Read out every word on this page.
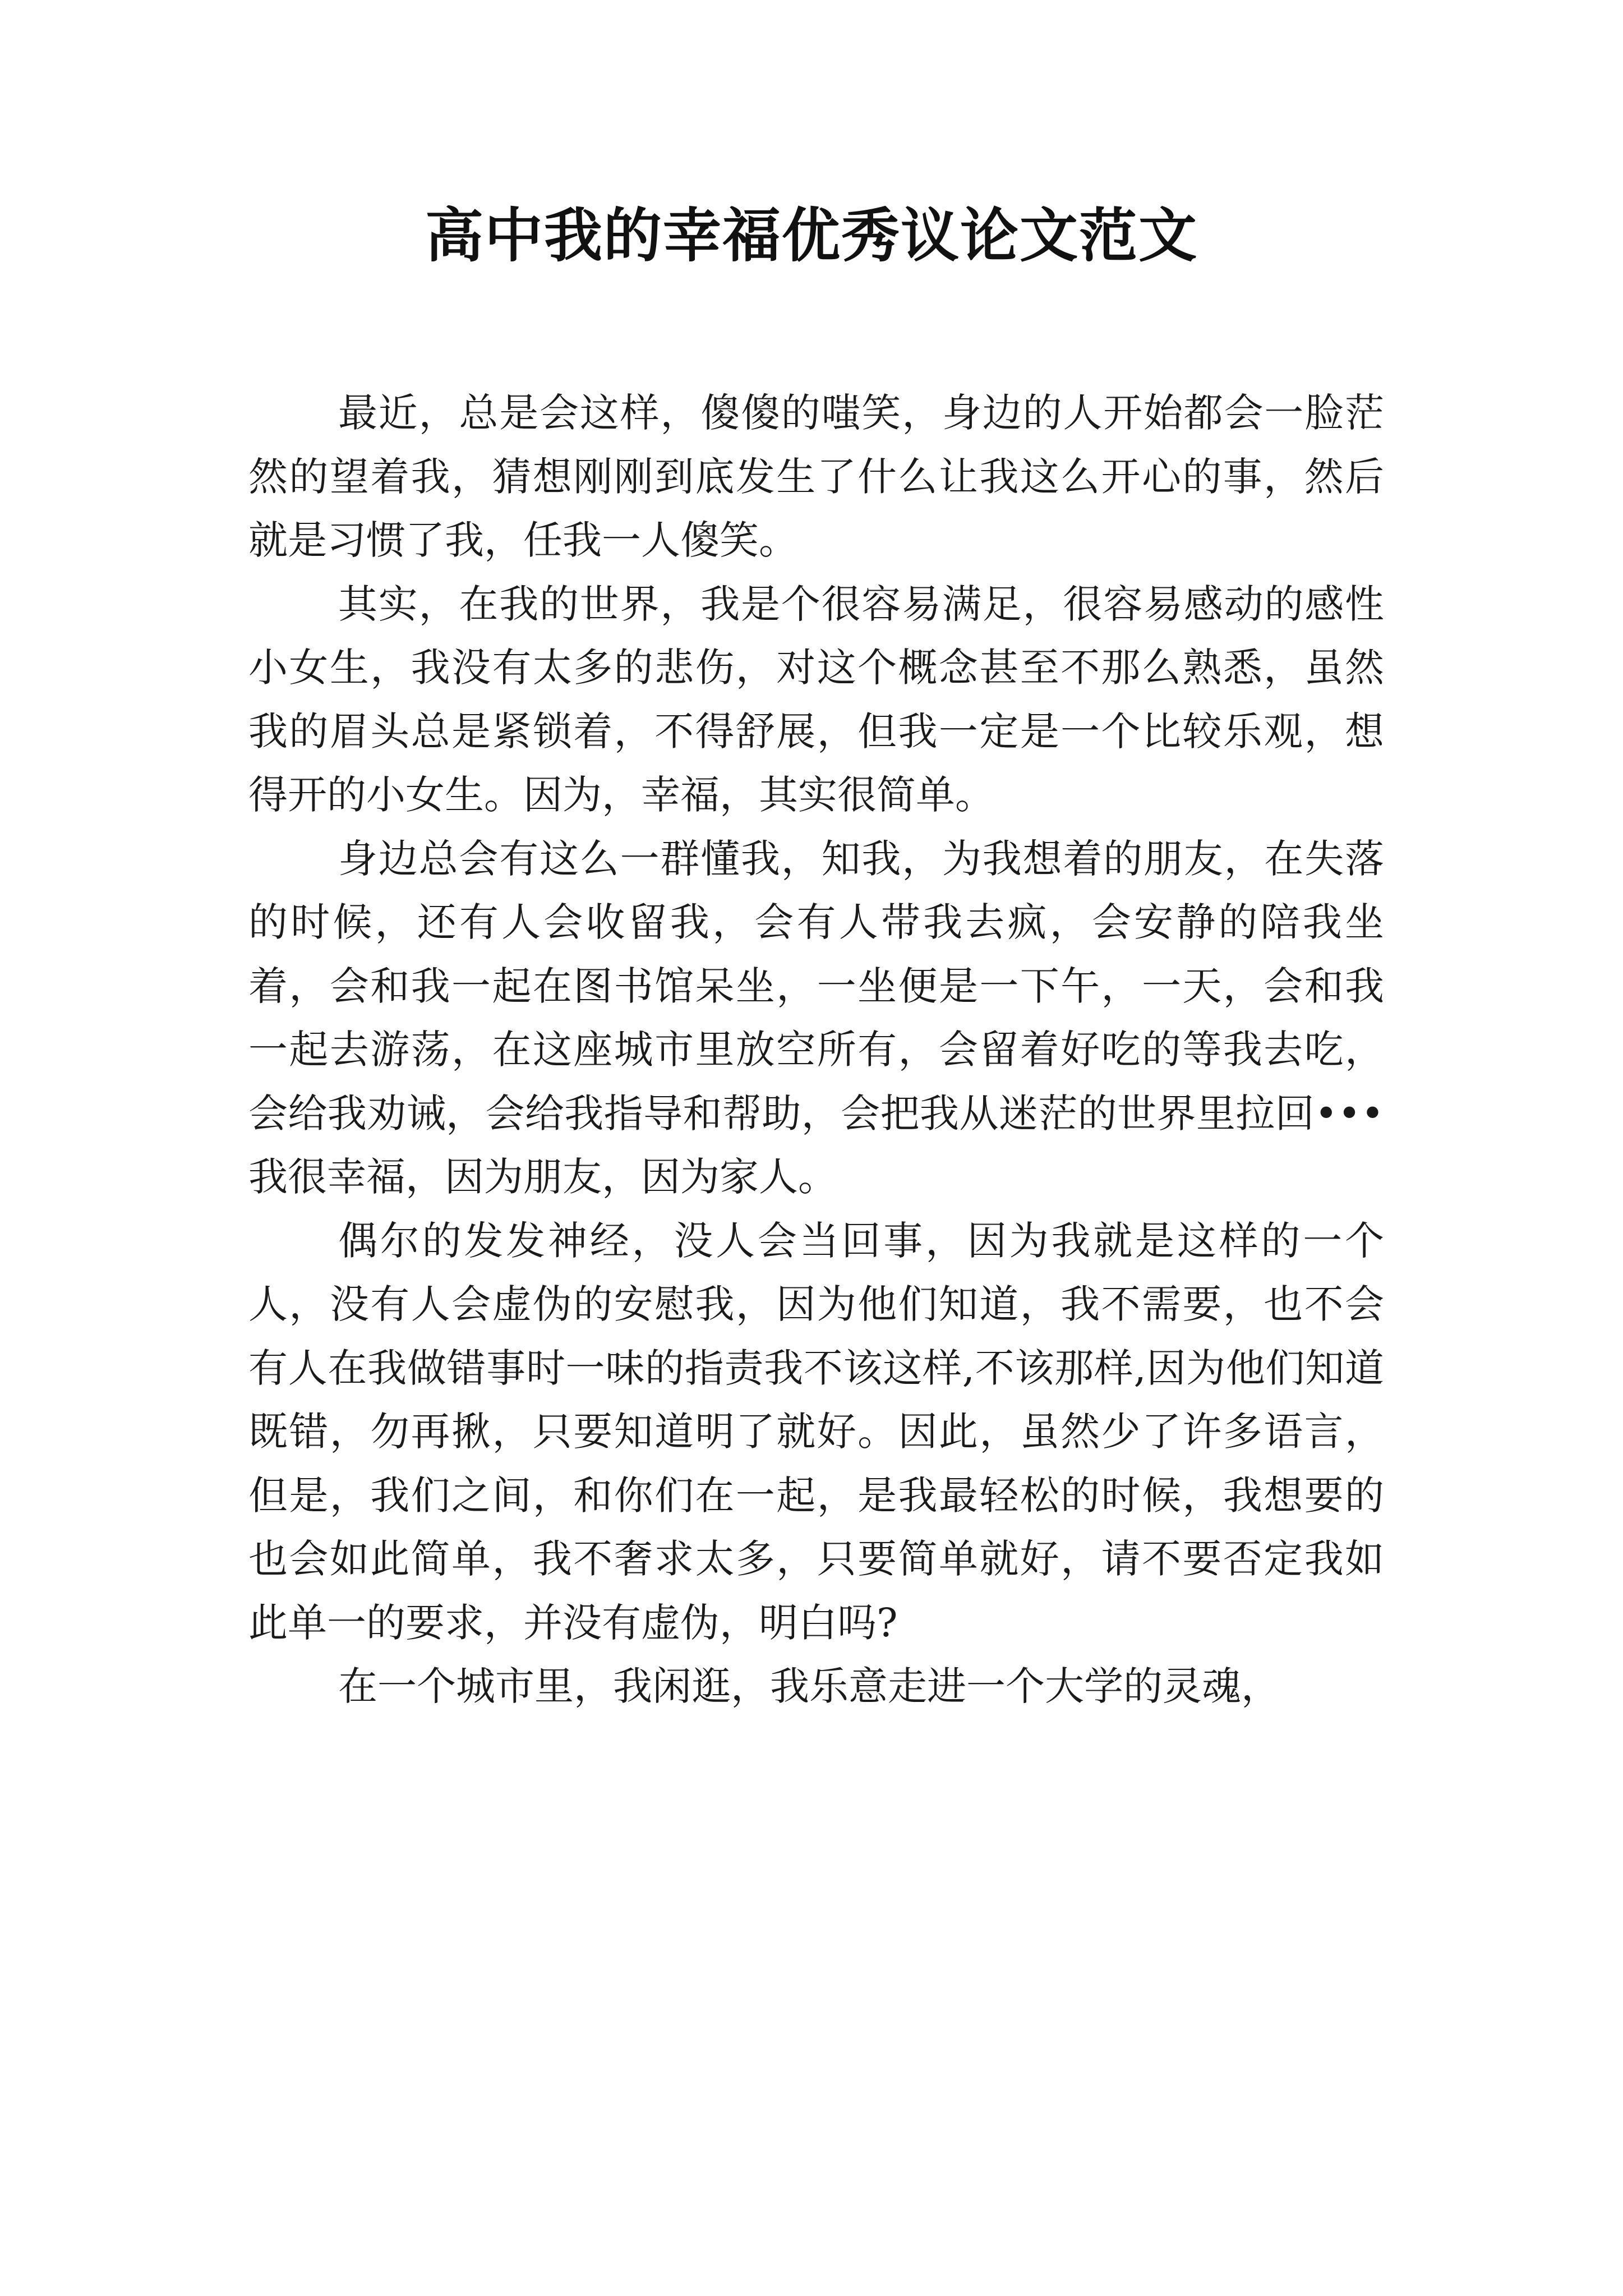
高中我的幸福优秀议论文范文

最近，总是会这样，傻傻的嗤笑，身边的人开始都会一脸茫然的望着我，猜想刚刚到底发生了什么让我这么开心的事，然后就是习惯了我，任我一人傻笑。

其实，在我的世界，我是个很容易满足，很容易感动的感性小女生，我没有太多的悲伤，对这个概念甚至不那么熟悉，虽然我的眉头总是紧锁着，不得舒展，但我一定是一个比较乐观，想得开的小女生。因为，幸福，其实很简单。

身边总会有这么一群懂我，知我，为我想着的朋友，在失落的时候，还有人会收留我，会有人带我去疯，会安静的陪我坐着，会和我一起在图书馆呆坐，一坐便是一下午，一天，会和我一起去游荡，在这座城市里放空所有，会留着好吃的等我去吃，会给我劝诫，会给我指导和帮助，会把我从迷茫的世界里拉回•••我很幸福，因为朋友，因为家人。

偶尔的发发神经，没人会当回事，因为我就是这样的一个人，没有人会虚伪的安慰我，因为他们知道，我不需要，也不会有人在我做错事时一味的指责我不该这样,不该那样,因为他们知道既错，勿再揪，只要知道明了就好。因此，虽然少了许多语言，但是，我们之间，和你们在一起，是我最轻松的时候，我想要的也会如此简单，我不奢求太多，只要简单就好，请不要否定我如此单一的要求，并没有虚伪，明白吗?

在一个城市里，我闲逛，我乐意走进一个大学的灵魂，
